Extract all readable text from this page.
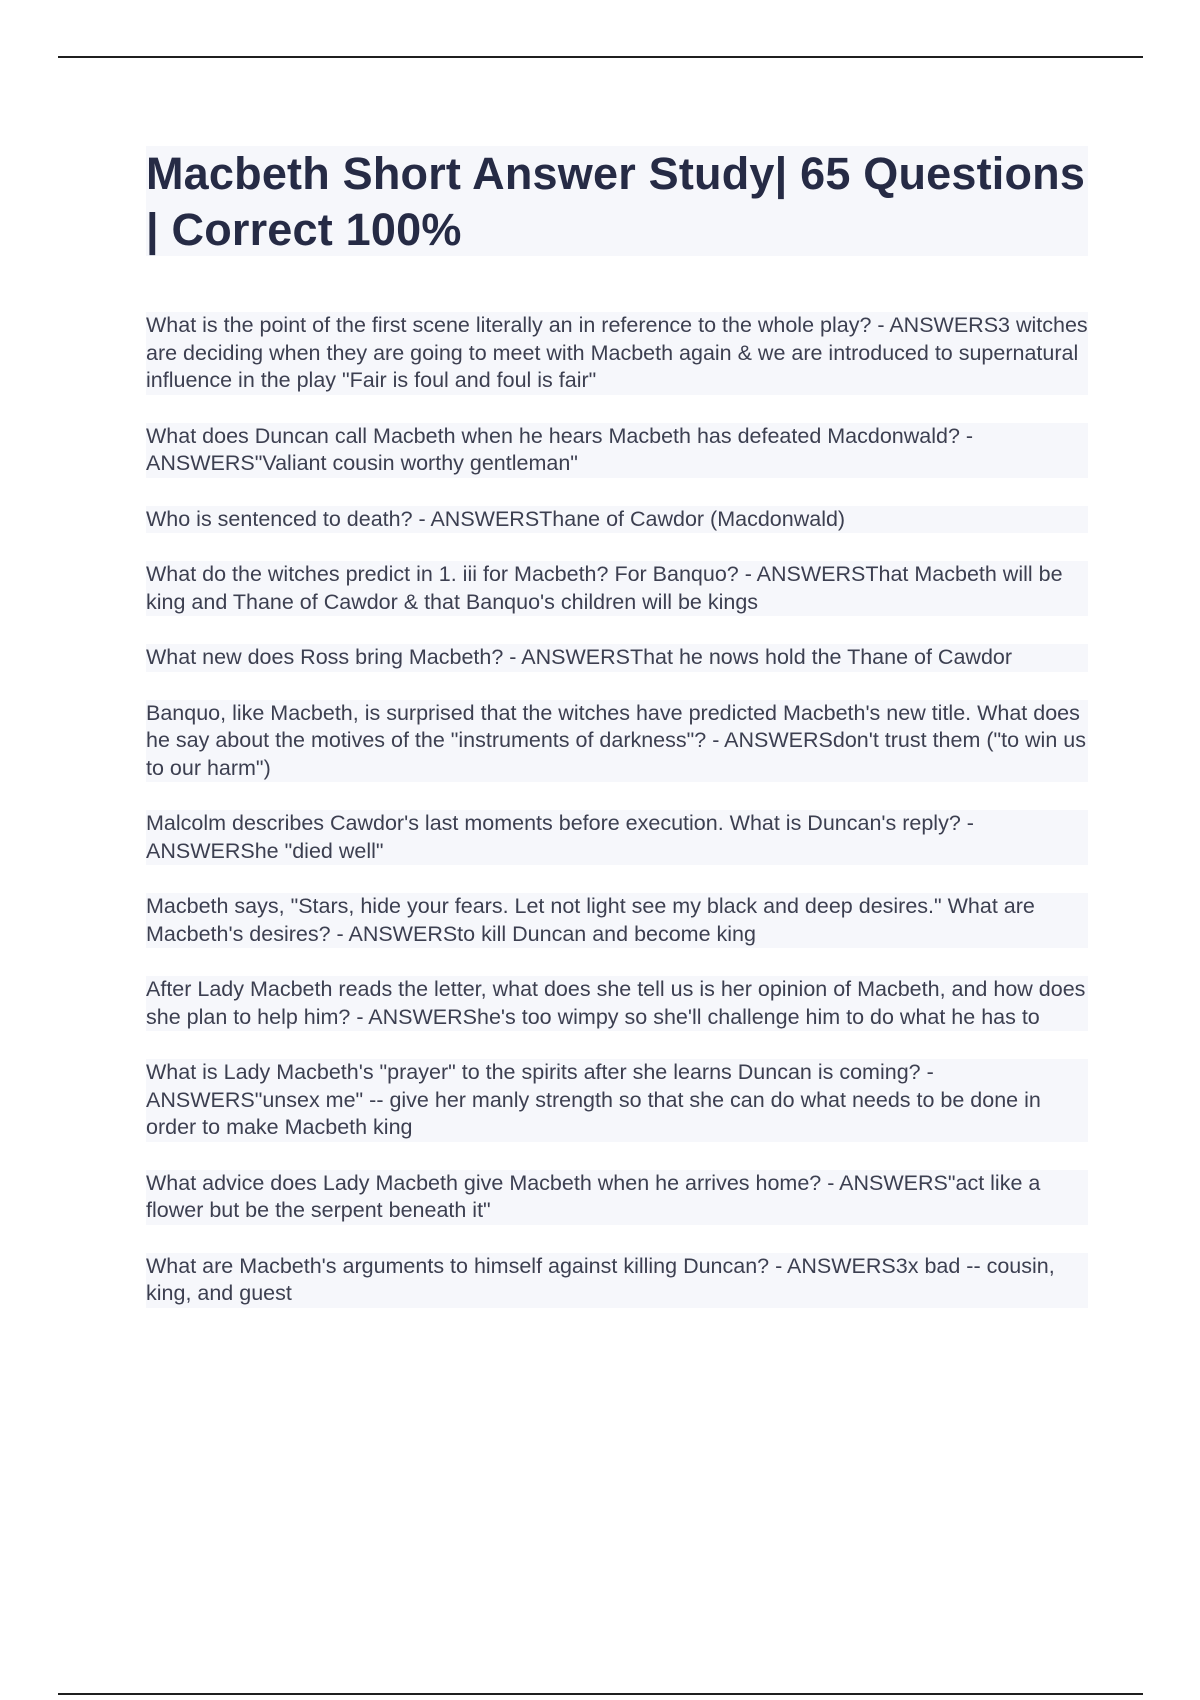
Macbeth Short Answer Study| 65 Questions | Correct 100%

What is the point of the first scene literally an in reference to the whole play? - ANSWERS3 witches are deciding when they are going to meet with Macbeth again & we are introduced to supernatural influence in the play "Fair is foul and foul is fair"

What does Duncan call Macbeth when he hears Macbeth has defeated Macdonwald? - ANSWERS"Valiant cousin worthy gentleman"

Who is sentenced to death? - ANSWERSThane of Cawdor (Macdonwald)

What do the witches predict in 1. iii for Macbeth? For Banquo? - ANSWERSThat Macbeth will be king and Thane of Cawdor & that Banquo's children will be kings

What new does Ross bring Macbeth? - ANSWERSThat he nows hold the Thane of Cawdor

Banquo, like Macbeth, is surprised that the witches have predicted Macbeth's new title. What does he say about the motives of the "instruments of darkness"? - ANSWERSdon't trust them ("to win us to our harm")

Malcolm describes Cawdor's last moments before execution. What is Duncan's reply? - ANSWERShe "died well"

Macbeth says, "Stars, hide your fears. Let not light see my black and deep desires." What are Macbeth's desires? - ANSWERSto kill Duncan and become king

After Lady Macbeth reads the letter, what does she tell us is her opinion of Macbeth, and how does she plan to help him? - ANSWERShe's too wimpy so she'll challenge him to do what he has to

What is Lady Macbeth's "prayer" to the spirits after she learns Duncan is coming? - ANSWERS"unsex me" -- give her manly strength so that she can do what needs to be done in order to make Macbeth king

What advice does Lady Macbeth give Macbeth when he arrives home? - ANSWERS"act like a flower but be the serpent beneath it"

What are Macbeth's arguments to himself against killing Duncan? - ANSWERS3x bad -- cousin, king, and guest
